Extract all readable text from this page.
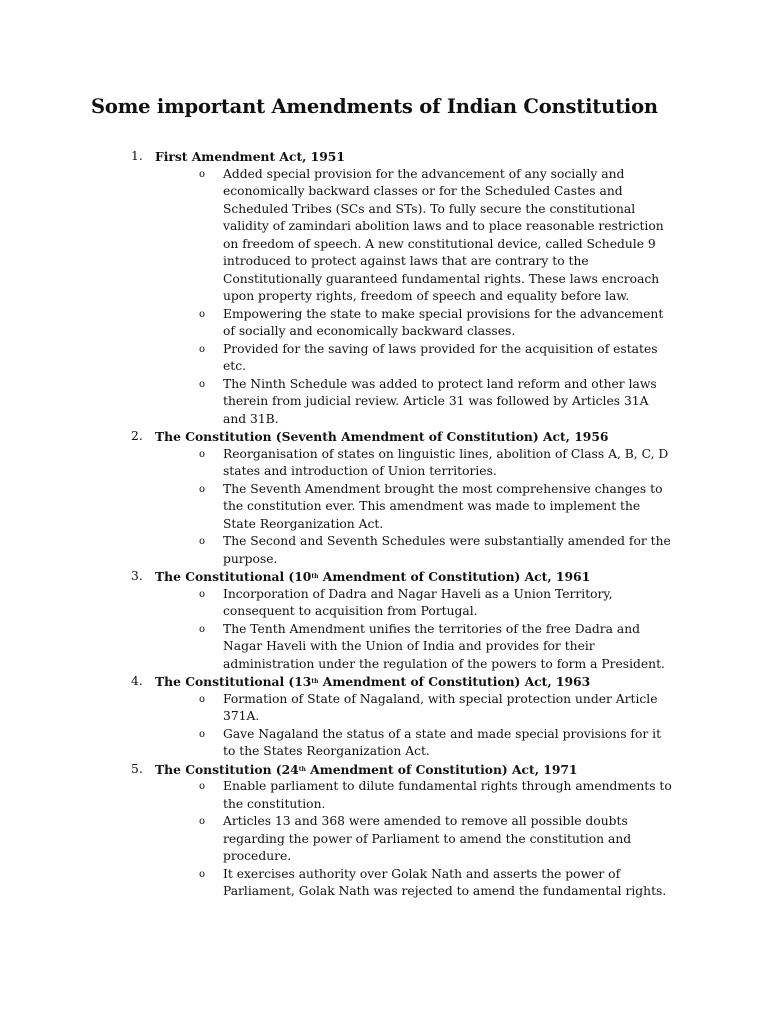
Some important Amendments of Indian Constitution
1. First Amendment Act, 1951
o Added special provision for the advancement of any socially and economically backward classes or for the Scheduled Castes and Scheduled Tribes (SCs and STs). To fully secure the constitutional validity of zamindari abolition laws and to place reasonable restriction on freedom of speech. A new constitutional device, called Schedule 9 introduced to protect against laws that are contrary to the Constitutionally guaranteed fundamental rights. These laws encroach upon property rights, freedom of speech and equality before law.
o Empowering the state to make special provisions for the advancement of socially and economically backward classes.
o Provided for the saving of laws provided for the acquisition of estates etc.
o The Ninth Schedule was added to protect land reform and other laws therein from judicial review. Article 31 was followed by Articles 31A and 31B.
2. The Constitution (Seventh Amendment of Constitution) Act, 1956
o Reorganisation of states on linguistic lines, abolition of Class A, B, C, D states and introduction of Union territories.
o The Seventh Amendment brought the most comprehensive changes to the constitution ever. This amendment was made to implement the State Reorganization Act.
o The Second and Seventh Schedules were substantially amended for the purpose.
3. The Constitutional (10th Amendment of Constitution) Act, 1961
o Incorporation of Dadra and Nagar Haveli as a Union Territory, consequent to acquisition from Portugal.
o The Tenth Amendment unifies the territories of the free Dadra and Nagar Haveli with the Union of India and provides for their administration under the regulation of the powers to form a President.
4. The Constitutional (13th Amendment of Constitution) Act, 1963
o Formation of State of Nagaland, with special protection under Article 371A.
o Gave Nagaland the status of a state and made special provisions for it to the States Reorganization Act.
5. The Constitution (24th Amendment of Constitution) Act, 1971
o Enable parliament to dilute fundamental rights through amendments to the constitution.
o Articles 13 and 368 were amended to remove all possible doubts regarding the power of Parliament to amend the constitution and procedure.
o It exercises authority over Golak Nath and asserts the power of Parliament, Golak Nath was rejected to amend the fundamental rights.
